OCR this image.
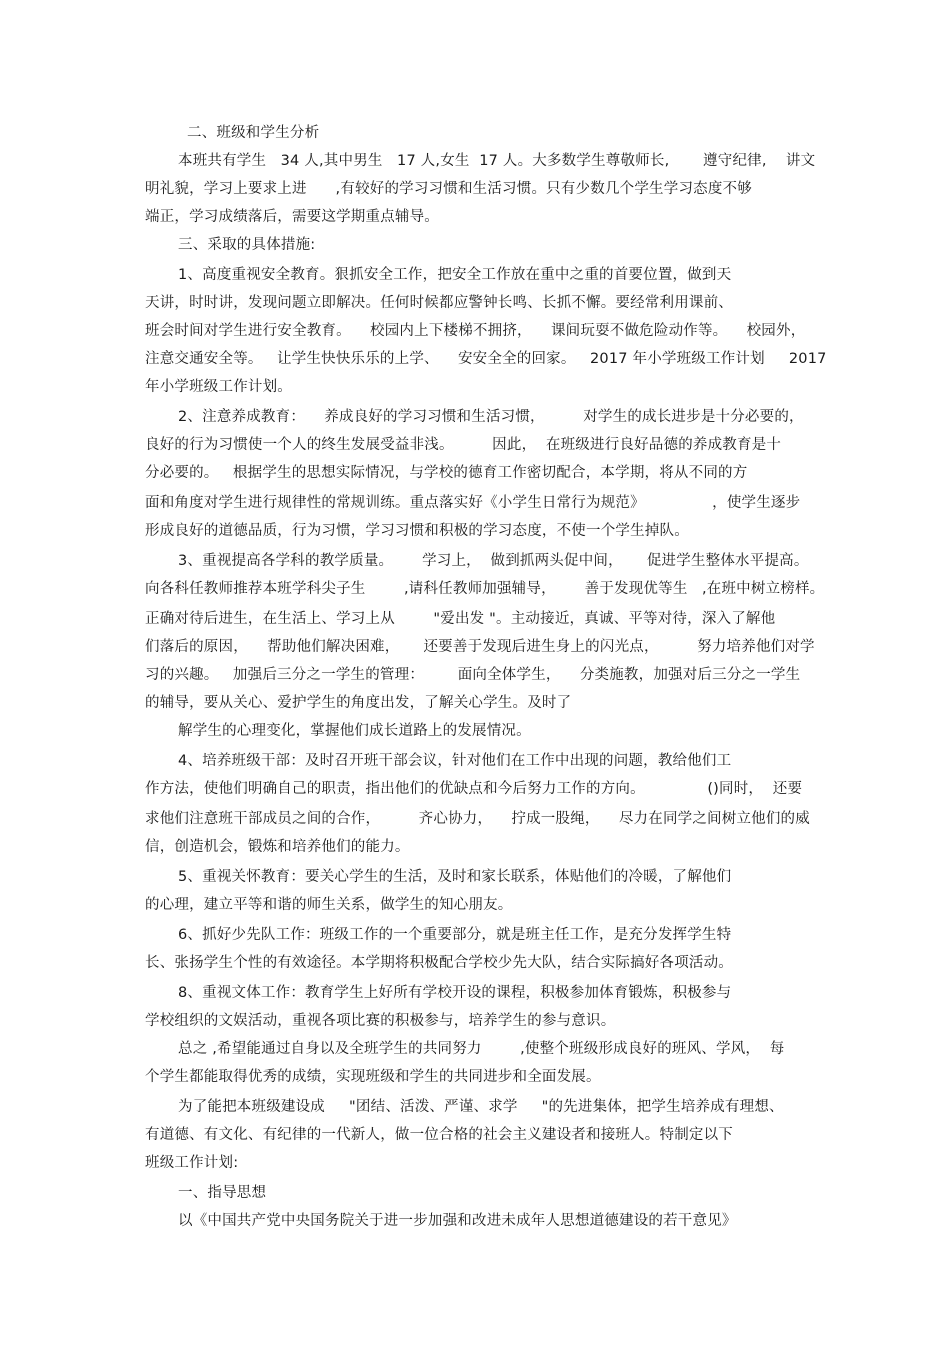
二、班级和学生分析
本班共有学生   34 人,其中男生   17 人,女生  17 人。大多数学生尊敬师长,       遵守纪律,    讲文
明礼貌，学习上要求上进      ,有较好的学习习惯和生活习惯。只有少数几个学生学习态度不够
端正，学习成绩落后，需要这学期重点辅导。
三、采取的具体措施:
1、高度重视安全教育。狠抓安全工作，把安全工作放在重中之重的首要位置，做到天
天讲，时时讲，发现问题立即解决。任何时候都应警钟长鸣、长抓不懈。要经常利用课前、
班会时间对学生进行安全教育。    校园内上下楼梯不拥挤，    课间玩耍不做危险动作等。    校园外，
注意交通安全等。   让学生快快乐乐的上学、    安安全全的回家。   2017 年小学班级工作计划     2017
年小学班级工作计划。
2、注意养成教育：    养成良好的学习习惯和生活习惯，        对学生的成长进步是十分必要的，
良好的行为习惯使一个人的终生发展受益非浅。        因此，  在班级进行良好品德的养成教育是十
分必要的。   根据学生的思想实际情况，与学校的德育工作密切配合，本学期，将从不同的方
面和角度对学生进行规律性的常规训练。重点落实好《小学生日常行为规范》              ，使学生逐步
形成良好的道德品质，行为习惯，学习习惯和积极的学习态度，不使一个学生掉队。
3、重视提高各学科的教学质量。      学习上，  做到抓两头促中间，     促进学生整体水平提高。
向各科任教师推荐本班学科尖子生        ,请科任教师加强辅导，      善于发现优等生   ,在班中树立榜样。
正确对待后进生，在生活上、学习上从        "爱出发 "。主动接近，真诚、平等对待，深入了解他
们落后的原因，    帮助他们解决困难，     还要善于发现后进生身上的闪光点，        努力培养他们对学
习的兴趣。   加强后三分之一学生的管理：       面向全体学生，    分类施教，加强对后三分之一学生
的辅导，要从关心、爱护学生的角度出发，了解关心学生。及时了
解学生的心理变化，掌握他们成长道路上的发展情况。
4、培养班级干部：及时召开班干部会议，针对他们在工作中出现的问题，教给他们工
作方法，使他们明确自己的职责，指出他们的优缺点和今后努力工作的方向。             ()同时，  还要
求他们注意班干部成员之间的合作，        齐心协力，    拧成一股绳，    尽力在同学之间树立他们的威
信，创造机会，锻炼和培养他们的能力。
5、重视关怀教育：要关心学生的生活，及时和家长联系，体贴他们的冷暖，了解他们
的心理，建立平等和谐的师生关系，做学生的知心朋友。
6、抓好少先队工作：班级工作的一个重要部分，就是班主任工作，是充分发挥学生特
长、张扬学生个性的有效途径。本学期将积极配合学校少先大队，结合实际搞好各项活动。
8、重视文体工作：教育学生上好所有学校开设的课程，积极参加体育锻炼，积极参与
学校组织的文娱活动，重视各项比赛的积极参与，培养学生的参与意识。
总之 ,希望能通过自身以及全班学生的共同努力        ,使整个班级形成良好的班风、学风，  每
个学生都能取得优秀的成绩，实现班级和学生的共同进步和全面发展。
为了能把本班级建设成     "团结、活泼、严谨、求学     "的先进集体，把学生培养成有理想、
有道德、有文化、有纪律的一代新人，做一位合格的社会主义建设者和接班人。特制定以下
班级工作计划:
一、指导思想
以《中国共产党中央国务院关于进一步加强和改进未成年人思想道德建设的若干意见》
